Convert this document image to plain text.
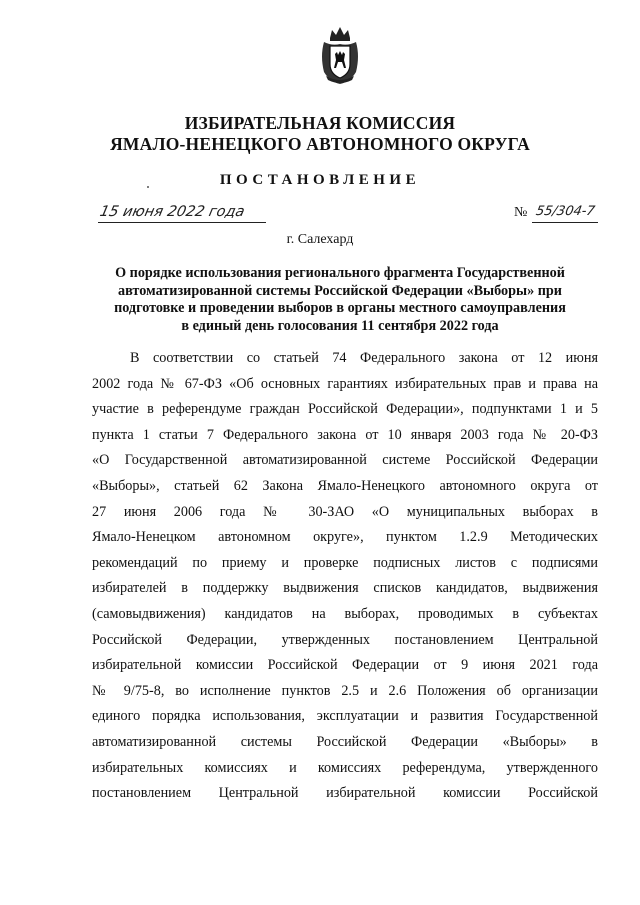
ИЗБИРАТЕЛЬНАЯ КОМИССИЯ
ЯМАЛО-НЕНЕЦКОГО АВТОНОМНОГО ОКРУГА
ПОСТАНОВЛЕНИЕ
15 июня 2022 года	№ 55/304-7
г. Салехард
О порядке использования регионального фрагмента Государственной
автоматизированной системы Российской Федерации «Выборы» при
подготовке и проведении выборов в органы местного самоуправления
в единый день голосования 11 сентября 2022 года
В соответствии со статьей 74 Федерального закона от 12 июня
2002 года № 67-ФЗ «Об основных гарантиях избирательных прав и права на
участие в референдуме граждан Российской Федерации», подпунктами 1 и 5
пункта 1 статьи 7 Федерального закона от 10 января 2003 года № 20-ФЗ
«О Государственной автоматизированной системе Российской Федерации
«Выборы», статьей 62 Закона Ямало-Ненецкого автономного округа от
27 июня 2006 года № 30-ЗАО «О муниципальных выборах в
Ямало-Ненецком автономном округе», пунктом 1.2.9 Методических
рекомендаций по приему и проверке подписных листов с подписями
избирателей в поддержку выдвижения списков кандидатов, выдвижения
(самовыдвижения) кандидатов на выборах, проводимых в субъектах
Российской Федерации, утвержденных постановлением Центральной
избирательной комиссии Российской Федерации от 9 июня 2021 года
№ 9/75-8, во исполнение пунктов 2.5 и 2.6 Положения об организации
единого порядка использования, эксплуатации и развития Государственной
автоматизированной системы Российской Федерации «Выборы» в
избирательных комиссиях и комиссиях референдума, утвержденного
постановлением Центральной избирательной комиссии Российской
